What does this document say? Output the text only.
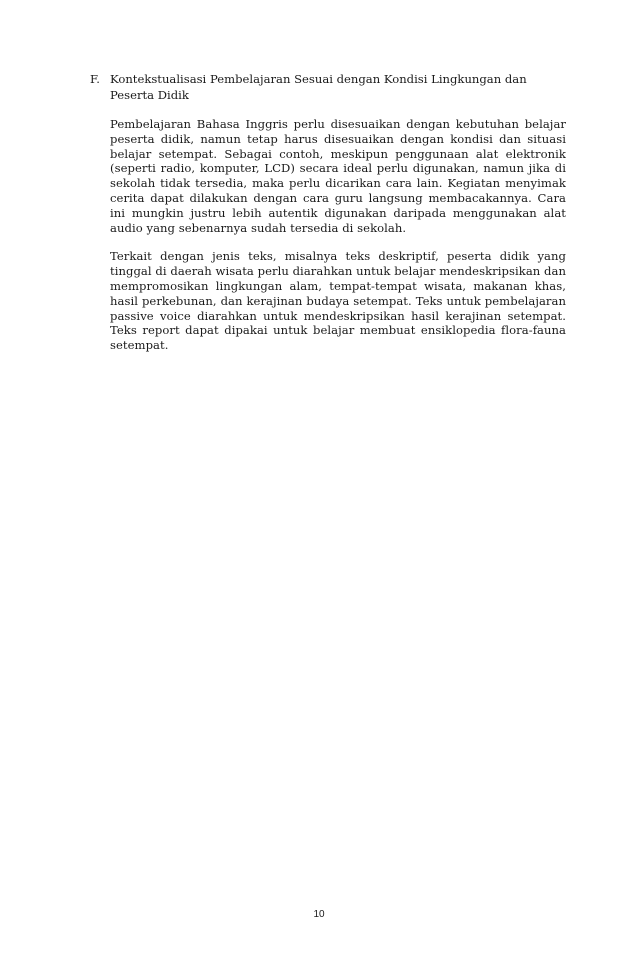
F. Kontekstualisasi Pembelajaran Sesuai dengan Kondisi Lingkungan dan Peserta Didik

Pembelajaran Bahasa Inggris perlu disesuaikan dengan kebutuhan belajar peserta didik, namun tetap harus disesuaikan dengan kondisi dan situasi belajar setempat. Sebagai contoh, meskipun penggunaan alat elektronik (seperti radio, komputer, LCD) secara ideal perlu digunakan, namun jika di sekolah tidak tersedia, maka perlu dicarikan cara lain. Kegiatan menyimak cerita dapat dilakukan dengan cara guru langsung membacakannya. Cara ini mungkin justru lebih autentik digunakan daripada menggunakan alat audio yang sebenarnya sudah tersedia di sekolah.

Terkait dengan jenis teks, misalnya teks deskriptif, peserta didik yang tinggal di daerah wisata perlu diarahkan untuk belajar mendeskripsikan dan mempromosikan lingkungan alam, tempat-tempat wisata, makanan khas, hasil perkebunan, dan kerajinan budaya setempat. Teks untuk pembelajaran passive voice diarahkan untuk mendeskripsikan hasil kerajinan setempat. Teks report dapat dipakai untuk belajar membuat ensiklopedia flora-fauna setempat.

10
